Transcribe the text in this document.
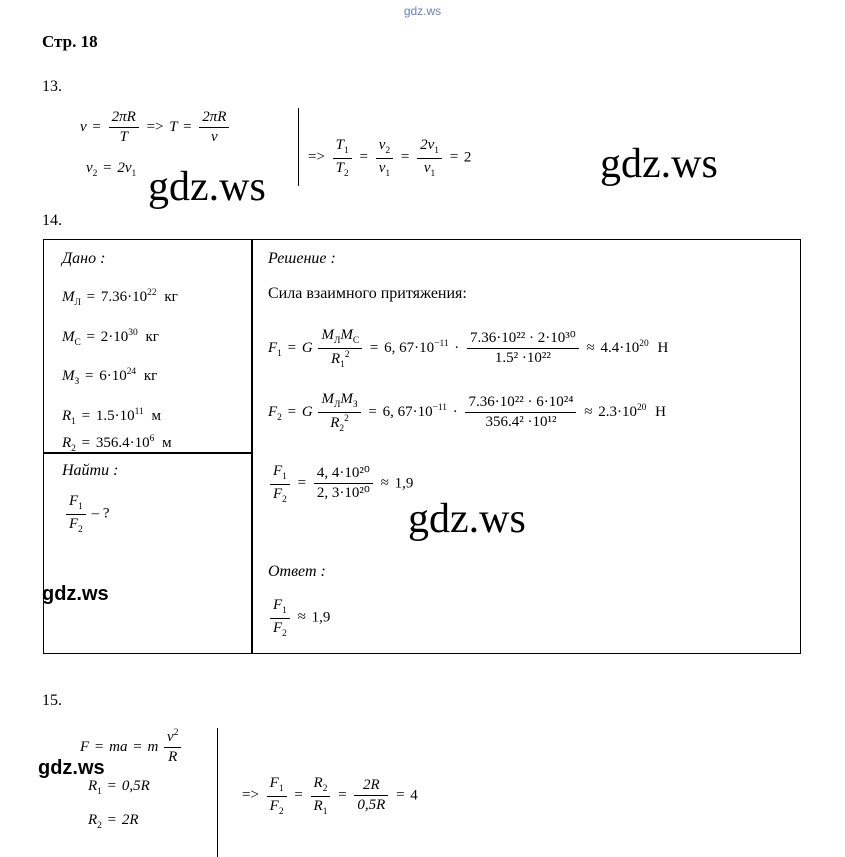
gdz.ws
gdz.ws
gdz.ws
gdz.ws
gdz.ws
gdz.ws
Стр. 18
13.
$v = \frac{2\pi R}{T} => T = \frac{2\pi R}{v}$
$v_2 = 2v_1$
=> $\frac{T_1}{T_2} = \frac{v_2}{v_1} = \frac{2v_1}{v_1} = 2$
14.
Дано :
$M_Л = 7.36\cdot 10^{22}$ кг
$M_C = 2\cdot 10^{30}$ кг
$M_З = 6\cdot 10^{24}$ кг
$R_1 = 1.5\cdot 10^{11}$ м
$R_2 = 356.4\cdot 10^6$ м
Найти :
$\frac{F_1}{F_2}$ – ?
Решение :
Сила взаимного притяжения:
$F_1 = G \frac{M_ЛM_C}{R_1^2} = 6$, $67\cdot 10^{-11} \cdot \frac{\text{7.36·10²² · 2·10³⁰}}{\text{1.5² ·10²²}} \approx 4.4\cdot 10^{20}$ Н
$F_2 = G \frac{M_ЛM_З}{R_2^2} = 6$, $67\cdot 10^{-11} \cdot \frac{\text{7.36·10²² · 6·10²⁴}}{\text{356.4² ·10¹²}} \approx 2.3\cdot 10^{20}$ Н
$\frac{F_1}{F_2} = \frac{\text{4, 4·10²⁰}}{\text{2, 3·10²⁰}} \approx 1,9$
Ответ :
$\frac{F_1}{F_2} \approx 1,9$
15.
F = ma = m $\frac{v^2}{R}$
$R_1 = 0,5R$
$R_2 = 2R$
=> $\frac{F_1}{F_2} = \frac{R_2}{R_1} = \frac{2R}{0,5R} = 4$
